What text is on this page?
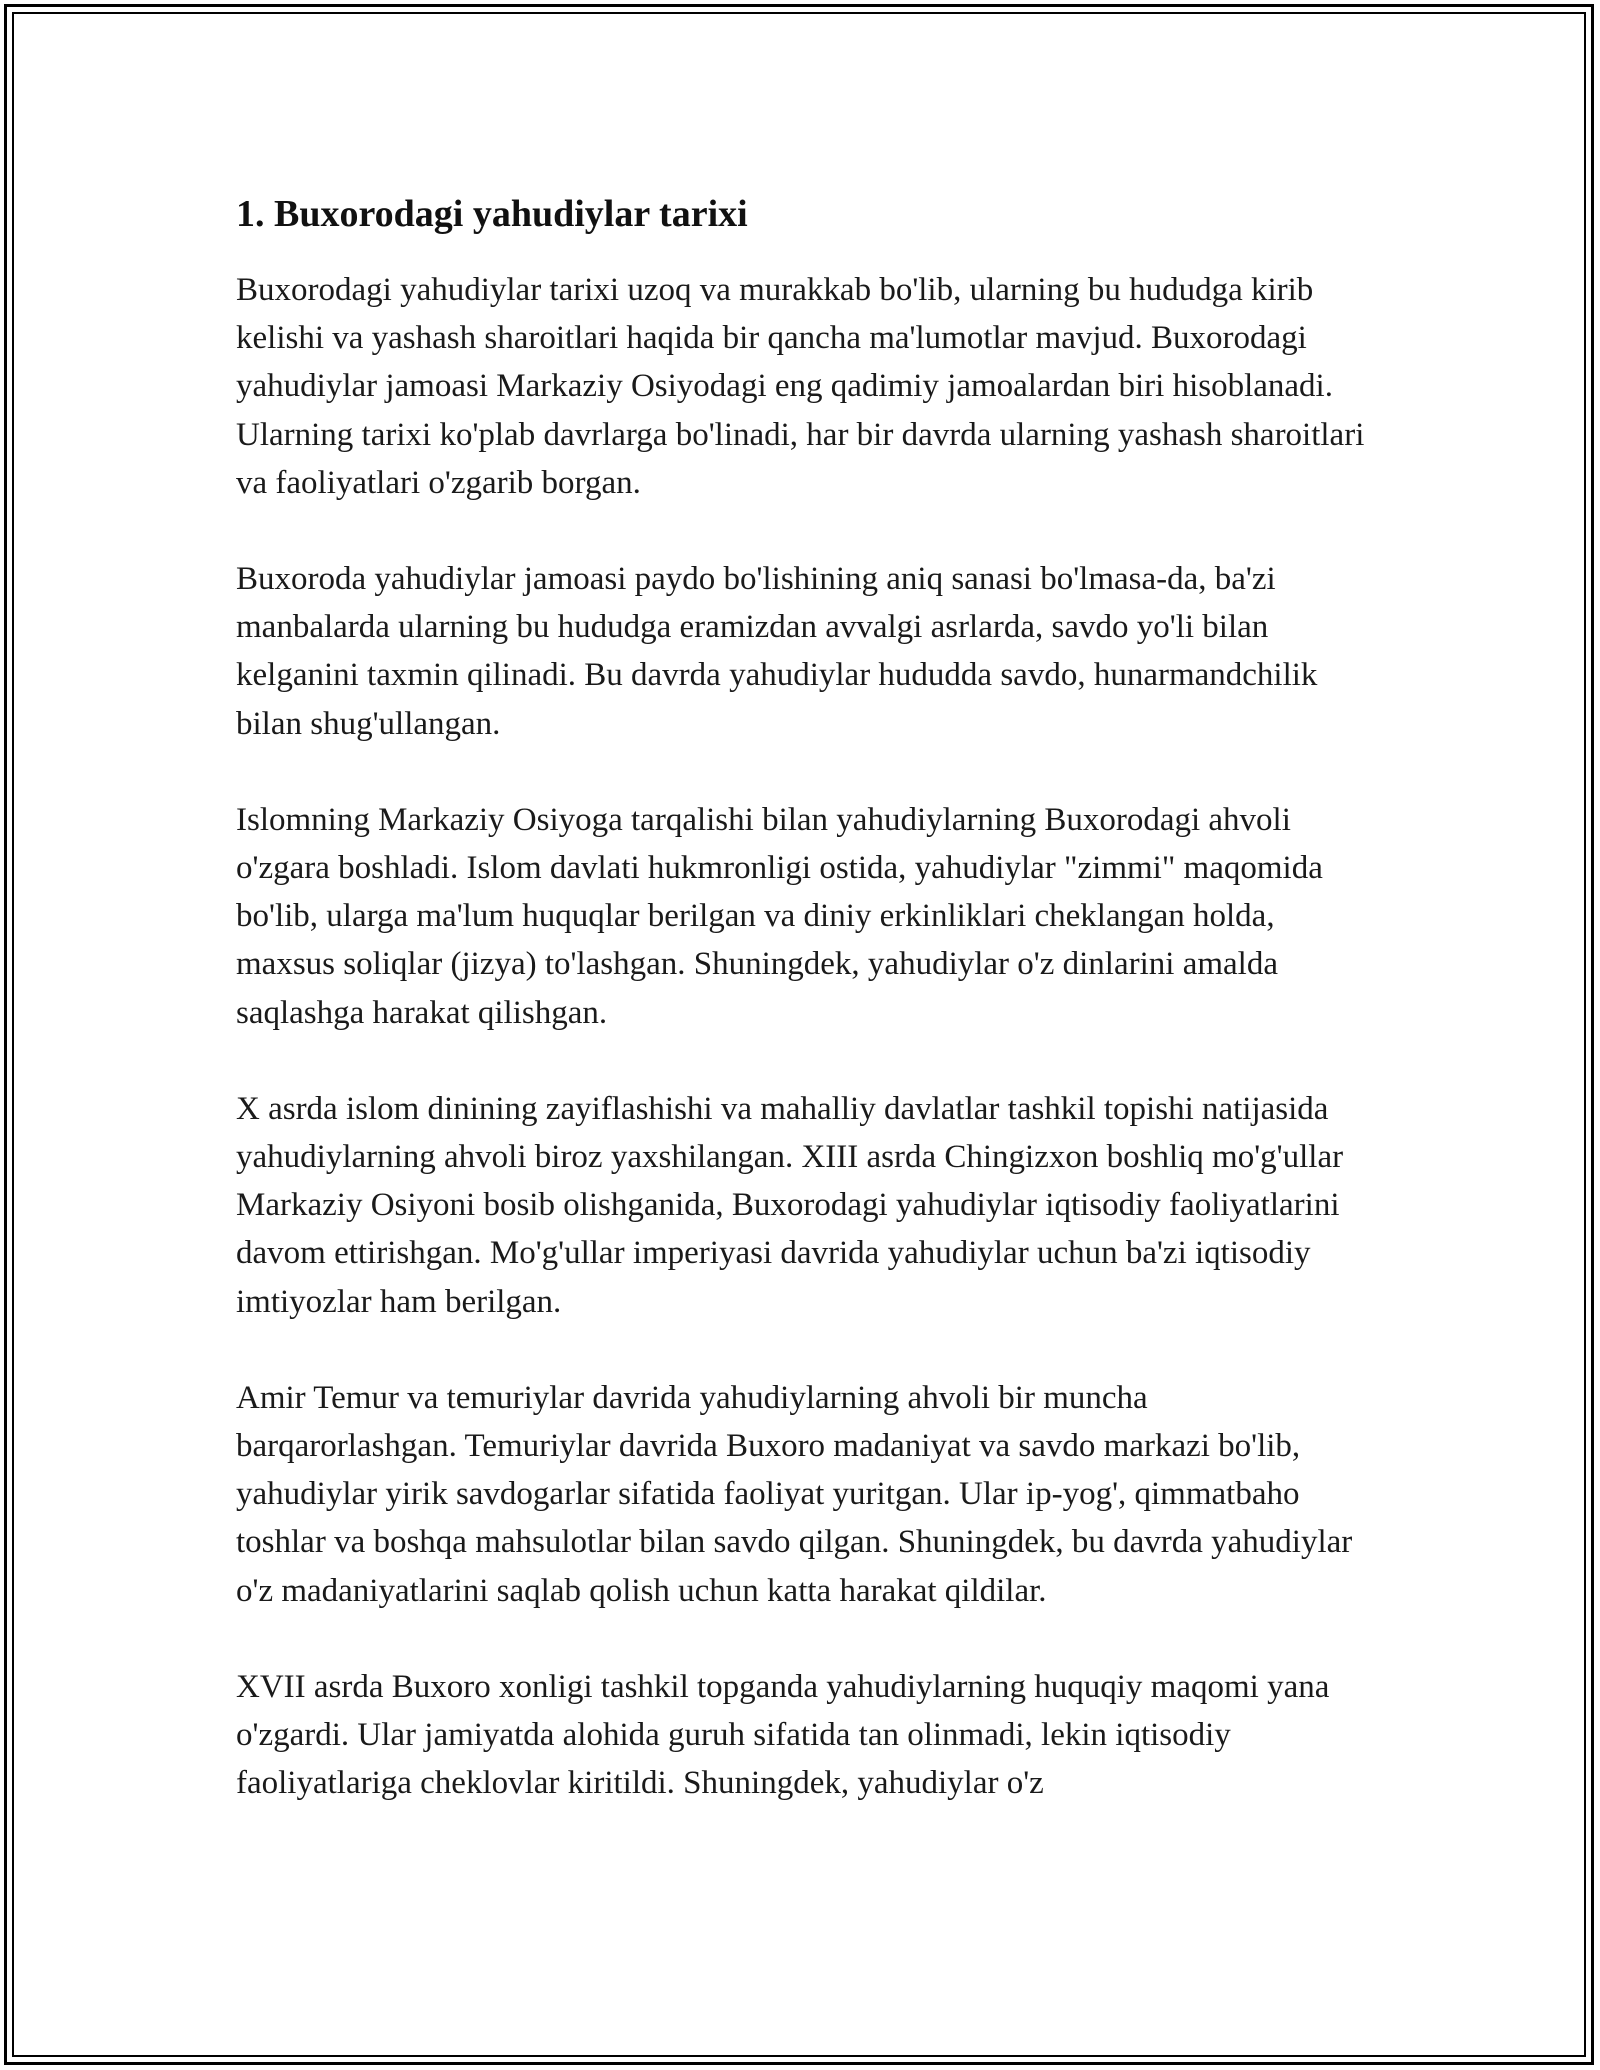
1. Buxorodagi yahudiylar tarixi

Buxorodagi yahudiylar tarixi uzoq va murakkab bo'lib, ularning bu hududga kirib kelishi va yashash sharoitlari haqida bir qancha ma'lumotlar mavjud. Buxorodagi yahudiylar jamoasi Markaziy Osiyodagi eng qadimiy jamoalardan biri hisoblanadi. Ularning tarixi ko'plab davrlarga bo'linadi, har bir davrda ularning yashash sharoitlari va faoliyatlari o'zgarib borgan.

Buxoroda yahudiylar jamoasi paydo bo'lishining aniq sanasi bo'lmasa-da, ba'zi manbalarda ularning bu hududga eramizdan avvalgi asrlarda, savdo yo'li bilan kelganini taxmin qilinadi. Bu davrda yahudiylar hududda savdo, hunarmandchilik bilan shug'ullangan.

Islomning Markaziy Osiyoga tarqalishi bilan yahudiylarning Buxorodagi ahvoli o'zgara boshladi. Islom davlati hukmronligi ostida, yahudiylar "zimmi" maqomida bo'lib, ularga ma'lum huquqlar berilgan va diniy erkinliklari cheklangan holda, maxsus soliqlar (jizya) to'lashgan. Shuningdek, yahudiylar o'z dinlarini amalda saqlashga harakat qilishgan.

X asrda islom dinining zayiflashishi va mahalliy davlatlar tashkil topishi natijasida yahudiylarning ahvoli biroz yaxshilangan. XIII asrda Chingizxon boshliq mo'g'ullar Markaziy Osiyoni bosib olishganida, Buxorodagi yahudiylar iqtisodiy faoliyatlarini davom ettirishgan. Mo'g'ullar imperiyasi davrida yahudiylar uchun ba'zi iqtisodiy imtiyozlar ham berilgan.

Amir Temur va temuriylar davrida yahudiylarning ahvoli bir muncha barqarorlashgan. Temuriylar davrida Buxoro madaniyat va savdo markazi bo'lib, yahudiylar yirik savdogarlar sifatida faoliyat yuritgan. Ular ip-yog', qimmatbaho toshlar va boshqa mahsulotlar bilan savdo qilgan. Shuningdek, bu davrda yahudiylar o'z madaniyatlarini saqlab qolish uchun katta harakat qildilar.

XVII asrda Buxoro xonligi tashkil topganda yahudiylarning huquqiy maqomi yana o'zgardi. Ular jamiyatda alohida guruh sifatida tan olinmadi, lekin iqtisodiy faoliyatlariga cheklovlar kiritildi. Shuningdek, yahudiylar o'z
